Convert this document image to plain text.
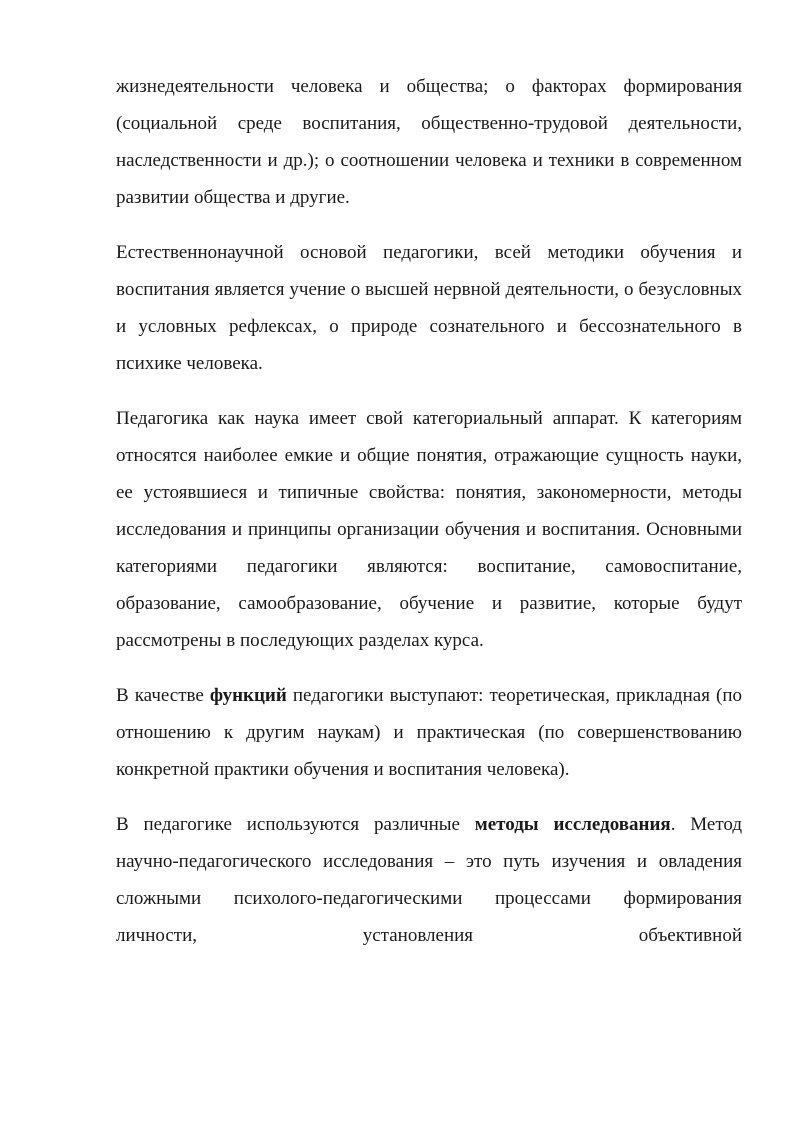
жизнедеятельности человека и общества; о факторах формирования (социальной среде воспитания, общественно-трудовой деятельности, наследственности и др.); о соотношении человека и техники в современном развитии общества и другие.

Естественнонаучной основой педагогики, всей методики обучения и воспитания является учение о высшей нервной деятельности, о безусловных и условных рефлексах, о природе сознательного и бессознательного в психике человека.

Педагогика как наука имеет свой категориальный аппарат. К категориям относятся наиболее емкие и общие понятия, отражающие сущность науки, ее устоявшиеся и типичные свойства: понятия, закономерности, методы исследования и принципы организации обучения и воспитания. Основными категориями педагогики являются: воспитание, самовоспитание, образование, самообразование, обучение и развитие, которые будут рассмотрены в последующих разделах курса.

В качестве функций педагогики выступают: теоретическая, прикладная (по отношению к другим наукам) и практическая (по совершенствованию конкретной практики обучения и воспитания человека).

В педагогике используются различные методы исследования. Метод научно-педагогического исследования – это путь изучения и овладения сложными психолого-педагогическими процессами формирования личности, установления объективной
